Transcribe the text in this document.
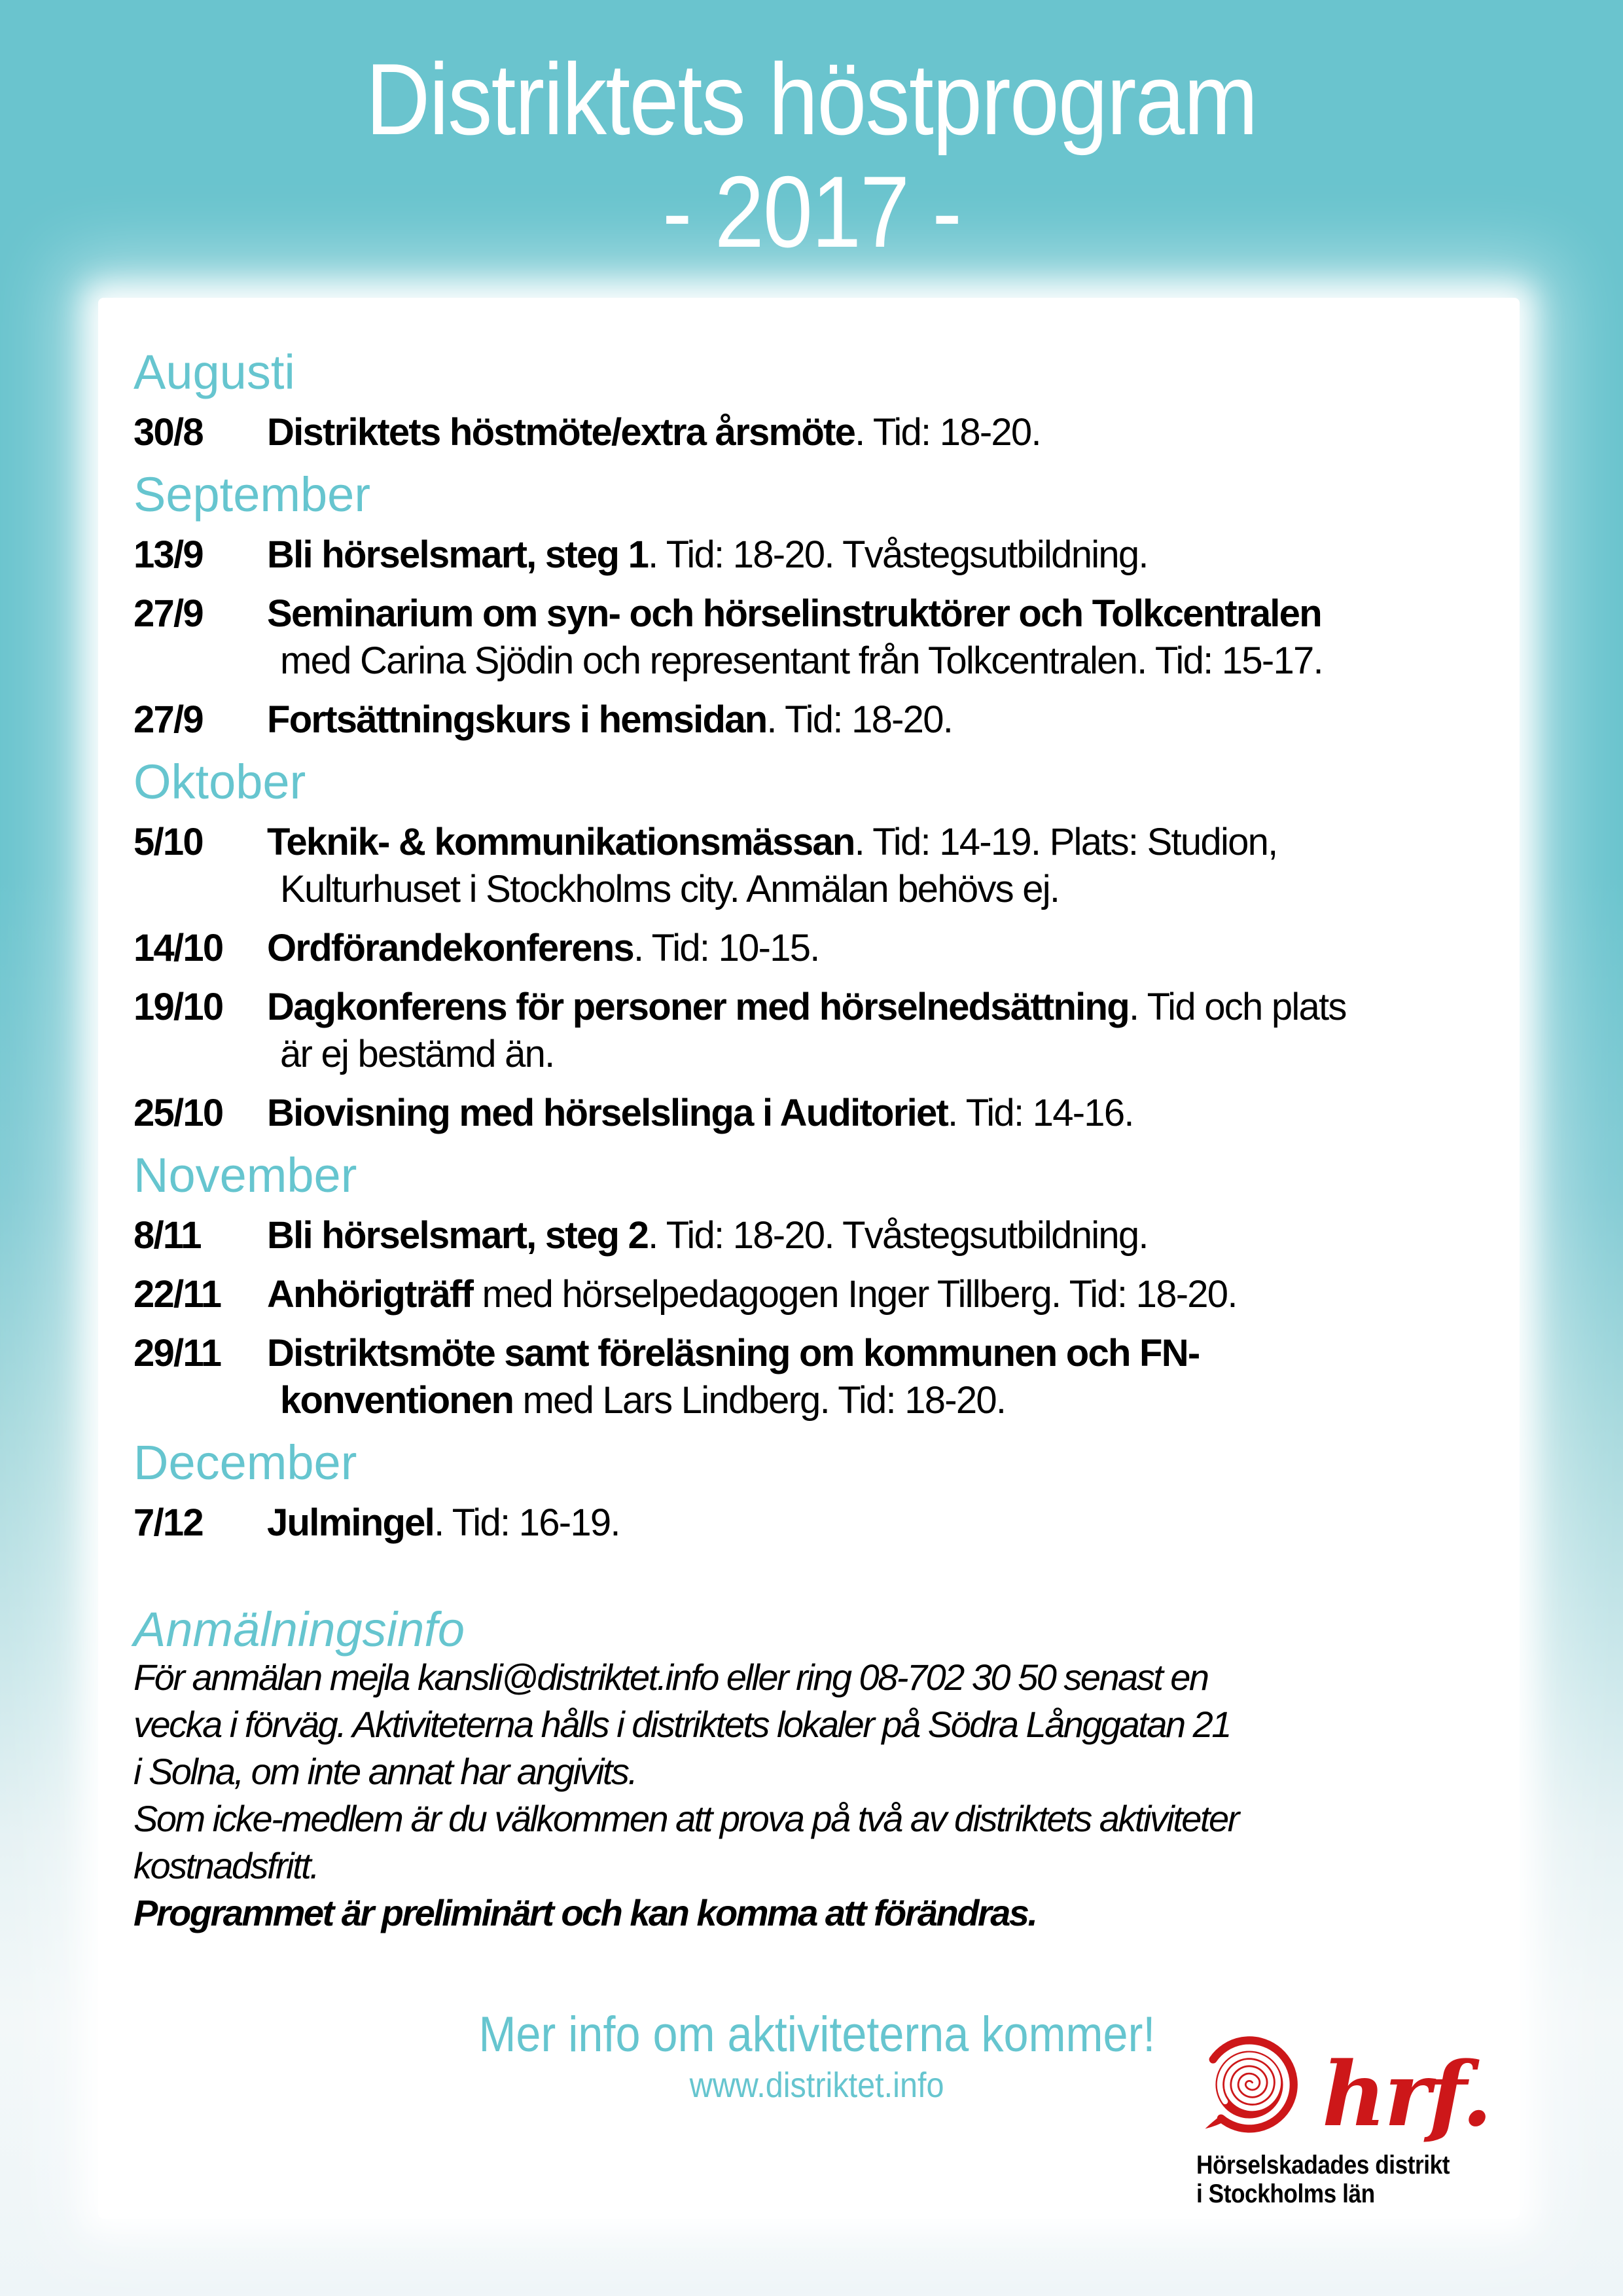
Distriktets höstprogram
- 2017 -
Augusti
30/8	Distriktets höstmöte/extra årsmöte. Tid: 18-20.
September
13/9	Bli hörselsmart, steg 1. Tid: 18-20. Tvåstegsutbildning.
27/9	Seminarium om syn- och hörselinstruktörer och Tolkcentralen
med Carina Sjödin och representant från Tolkcentralen. Tid: 15-17.
27/9	Fortsättningskurs i hemsidan. Tid: 18-20.
Oktober
5/10	Teknik- & kommunikationsmässan. Tid: 14-19. Plats: Studion,
Kulturhuset i Stockholms city. Anmälan behövs ej.
14/10	Ordförandekonferens. Tid: 10-15.
19/10	Dagkonferens för personer med hörselnedsättning. Tid och plats
är ej bestämd än.
25/10	Biovisning med hörselslinga i Auditoriet. Tid: 14-16.
November
8/11	Bli hörselsmart, steg 2. Tid: 18-20. Tvåstegsutbildning.
22/11	Anhörigträff med hörselpedagogen Inger Tillberg. Tid: 18-20.
29/11	Distriktsmöte samt föreläsning om kommunen och FN-
konventionen med Lars Lindberg. Tid: 18-20.
December
7/12	Julmingel. Tid: 16-19.
Anmälningsinfo
För anmälan mejla kansli@distriktet.info eller ring 08-702 30 50 senast en
vecka i förväg. Aktiviteterna hålls i distriktets lokaler på Södra Långgatan 21
i Solna, om inte annat har angivits.
Som icke-medlem är du välkommen att prova på två av distriktets aktiviteter
kostnadsfritt.
Programmet är preliminärt och kan komma att förändras.
Mer info om aktiviteterna kommer!
www.distriktet.info	hrf.
Hörselskadades distrikt
i Stockholms län
